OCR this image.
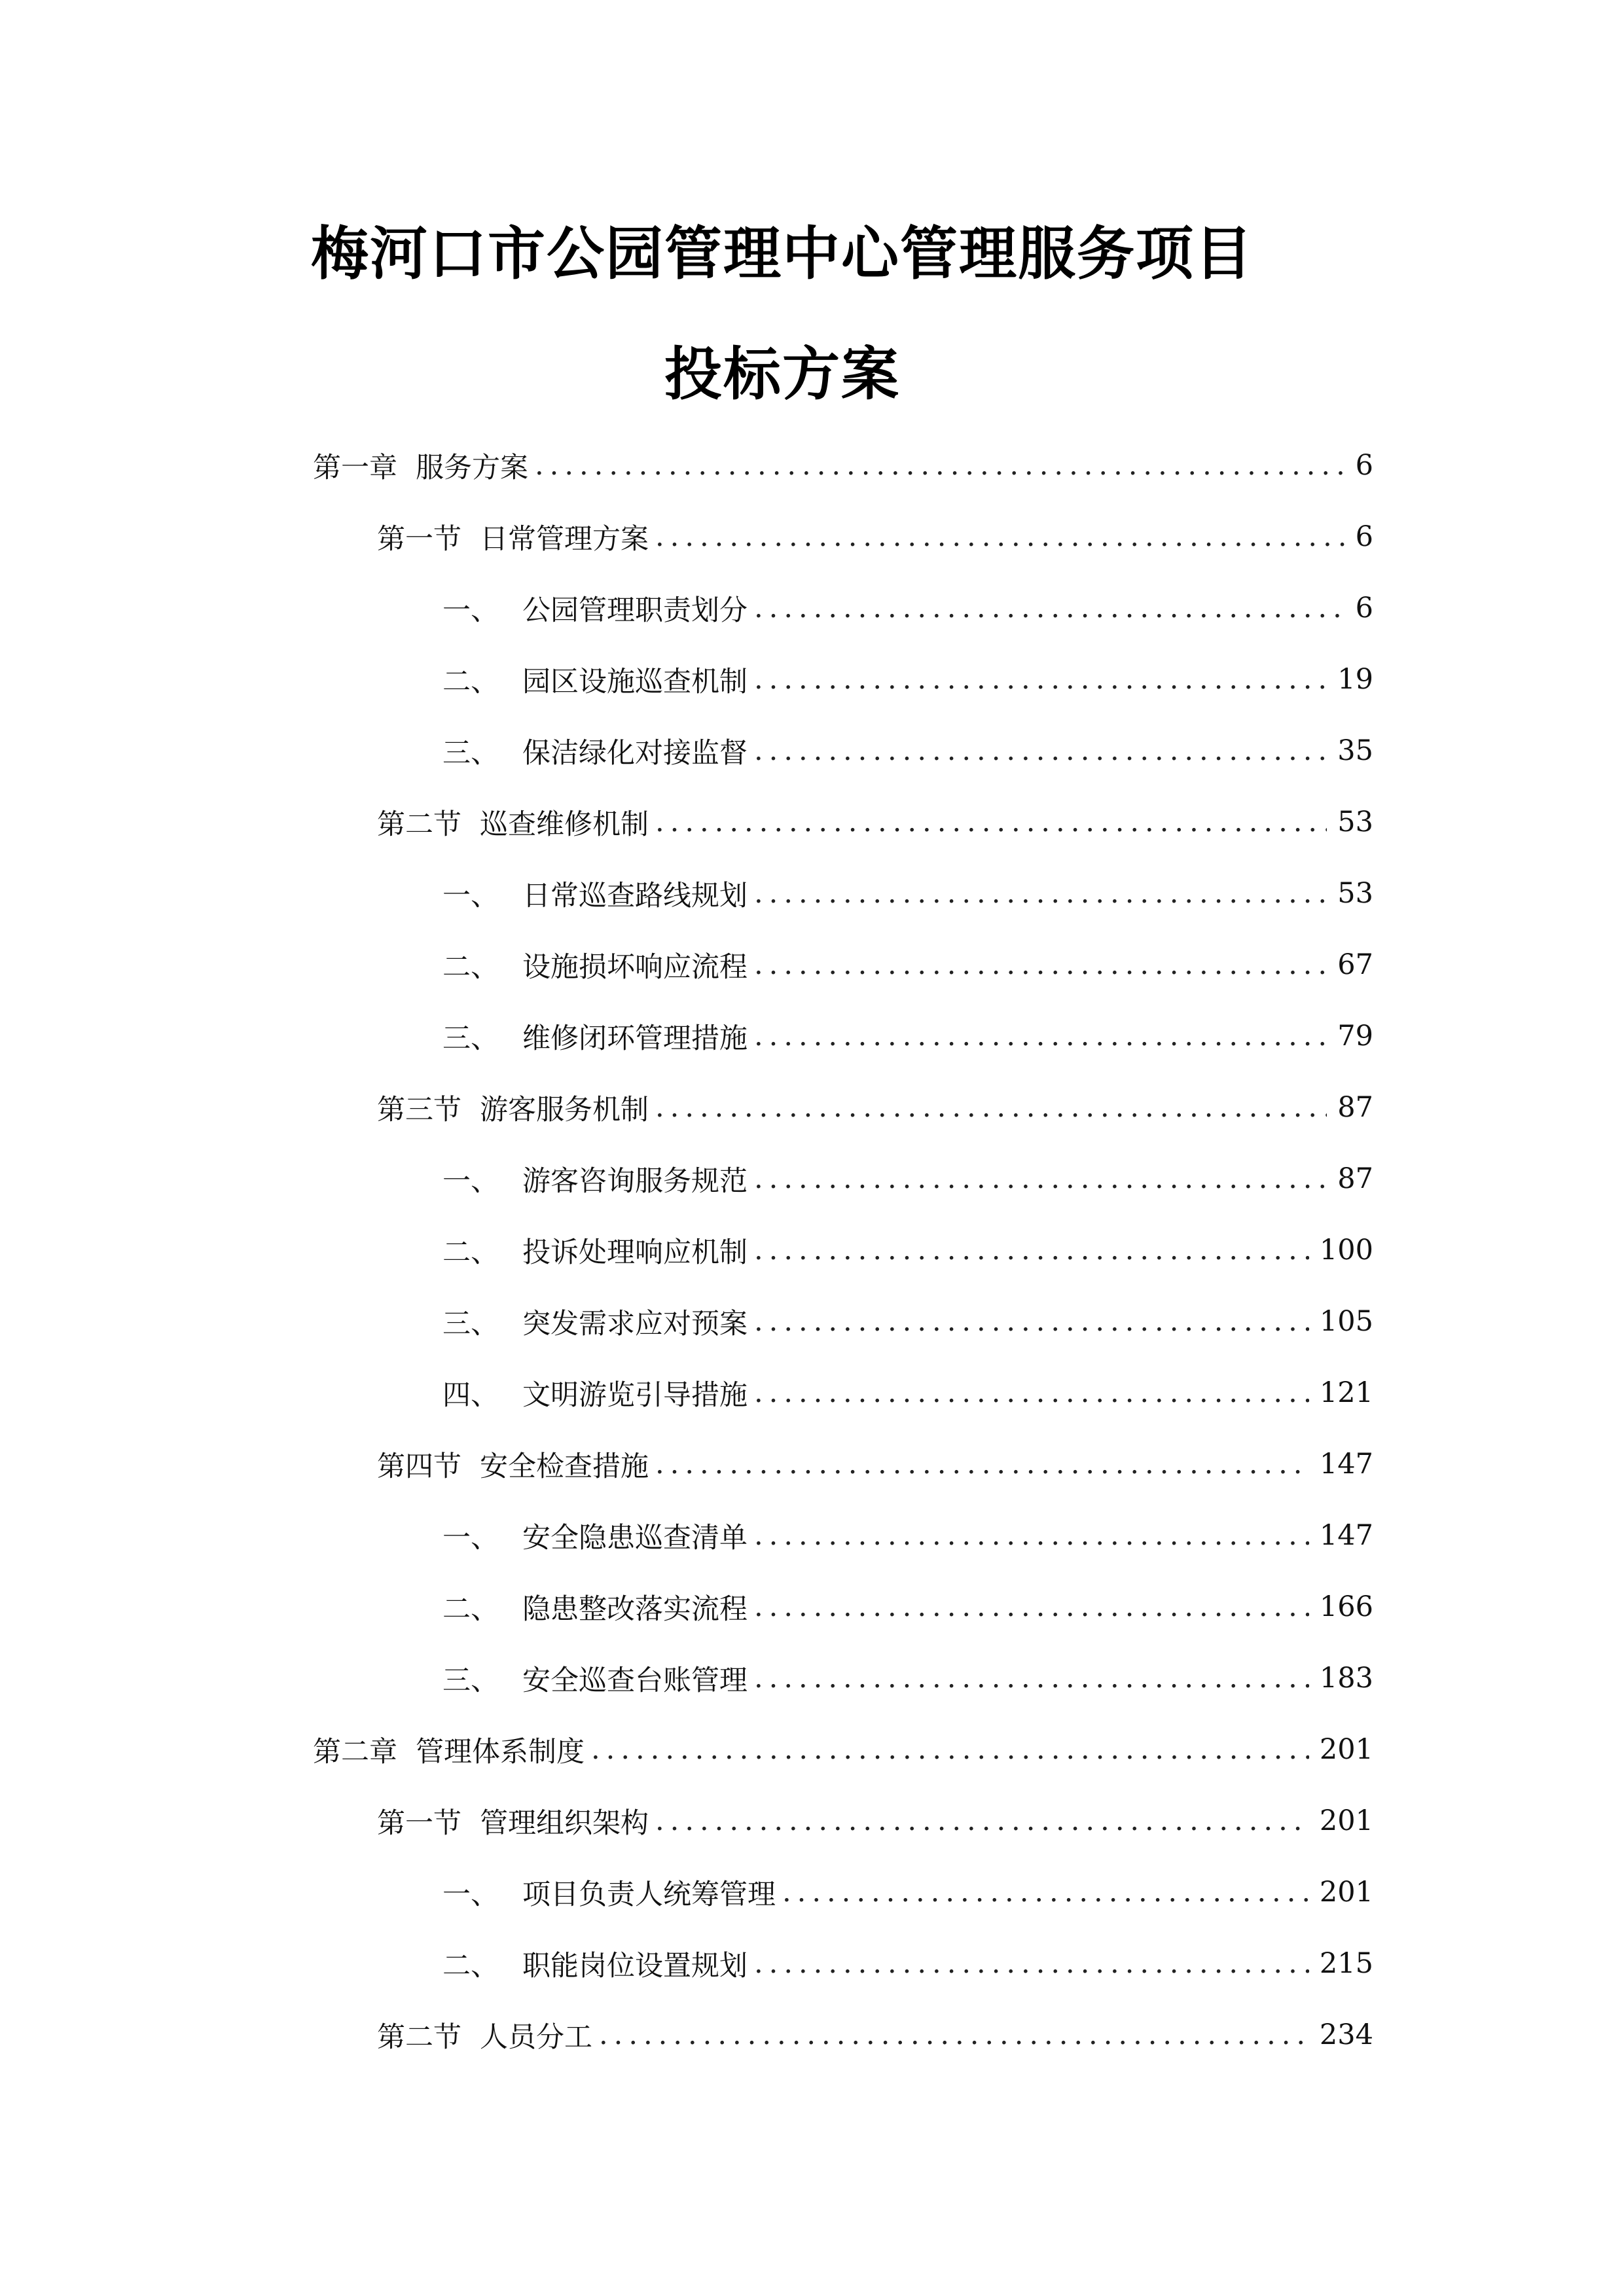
梅河口市公园管理中心管理服务项目
投标方案
第一章 服务方案 .....	6
第一节 日常管理方案 .....	6
一、 公园管理职责划分 .....	6
二、 园区设施巡查机制 .....	19
三、 保洁绿化对接监督 .....	35
第二节 巡查维修机制 .....	53
一、 日常巡查路线规划 .....	53
二、 设施损坏响应流程 .....	67
三、 维修闭环管理措施 .....	79
第三节 游客服务机制 .....	87
一、 游客咨询服务规范 .....	87
二、 投诉处理响应机制 .....	100
三、 突发需求应对预案 .....	105
四、 文明游览引导措施 .....	121
第四节 安全检查措施 .....	147
一、 安全隐患巡查清单 .....	147
二、 隐患整改落实流程 .....	166
三、 安全巡查台账管理 .....	183
第二章 管理体系制度 .....	201
第一节 管理组织架构 .....	201
一、 项目负责人统筹管理 .....	201
二、 职能岗位设置规划 .....	215
第二节 人员分工 .....	234
